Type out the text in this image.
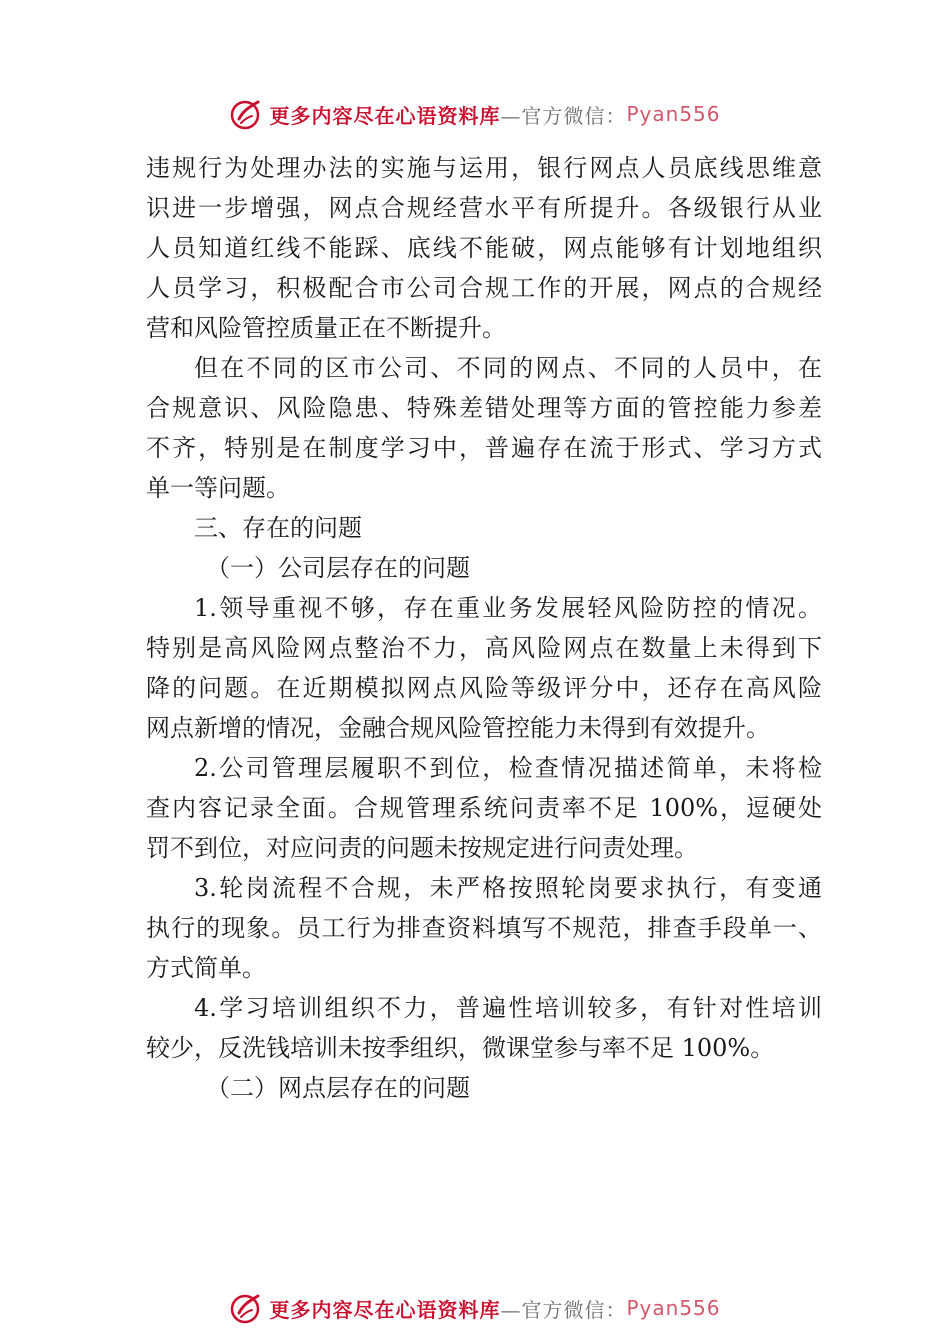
更多内容尽在心语资料库 —官方微信： Pyan556
违规行为处理办法的实施与运用，银行网点人员底线思维意
识进一步增强，网点合规经营水平有所提升。各级银行从业
人员知道红线不能踩、底线不能破，网点能够有计划地组织
人员学习，积极配合市公司合规工作的开展，网点的合规经
营和风险管控质量正在不断提升。
但在不同的区市公司、不同的网点、不同的人员中，在
合规意识、风险隐患、特殊差错处理等方面的管控能力参差
不齐，特别是在制度学习中，普遍存在流于形式、学习方式
单一等问题。
三、存在的问题
（一）公司层存在的问题
1.领导重视不够，存在重业务发展轻风险防控的情况。
特别是高风险网点整治不力，高风险网点在数量上未得到下
降的问题。在近期模拟网点风险等级评分中，还存在高风险
网点新增的情况，金融合规风险管控能力未得到有效提升。
2.公司管理层履职不到位，检查情况描述简单，未将检
查内容记录全面。合规管理系统问责率不足 100%，逗硬处
罚不到位，对应问责的问题未按规定进行问责处理。
3.轮岗流程不合规，未严格按照轮岗要求执行，有变通
执行的现象。员工行为排查资料填写不规范，排查手段单一、
方式简单。
4.学习培训组织不力，普遍性培训较多，有针对性培训
较少，反洗钱培训未按季组织，微课堂参与率不足 100%。
（二）网点层存在的问题
更多内容尽在心语资料库 —官方微信： Pyan556
